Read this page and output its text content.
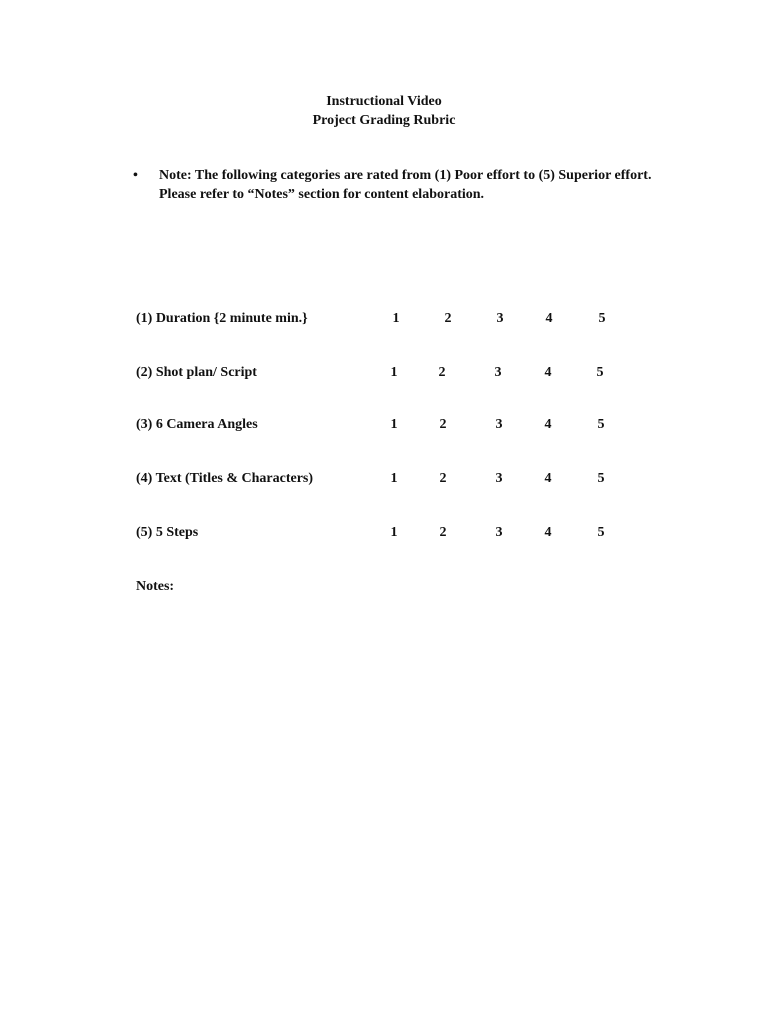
Instructional Video
Project Grading Rubric
• Note: The following categories are rated from (1) Poor effort to (5) Superior effort. Please refer to “Notes” section for content elaboration.
(1) Duration {2 minute min.}	1	2	3	4	5
(2) Shot plan/ Script	1	2	3	4	5
(3) 6 Camera Angles	1	2	3	4	5
(4) Text (Titles & Characters)	1	2	3	4	5
(5) 5 Steps	1	2	3	4	5
Notes:
